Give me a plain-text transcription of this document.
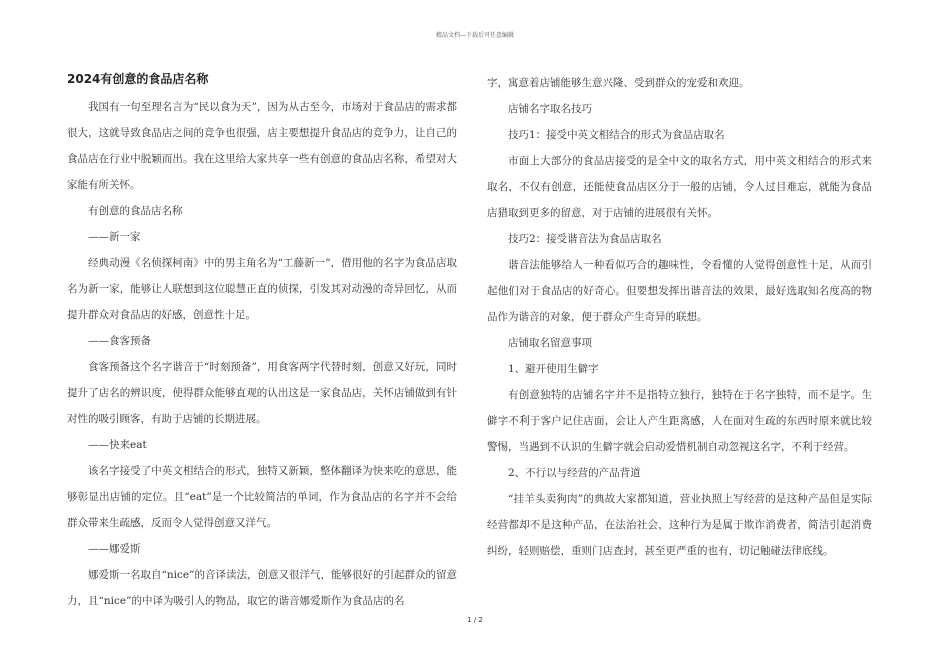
精品文档---下载后可任意编辑
2024有创意的食品店名称

我国有一句至理名言为“民以食为天”，因为从古至今，市场对于食品店的需求都很大，这就导致食品店之间的竞争也很强，店主要想提升食品店的竞争力，让自己的食品店在行业中脱颖而出。我在这里给大家共享一些有创意的食品店名称，希望对大家能有所关怀。

有创意的食品店名称

——新一家

经典动漫《名侦探柯南》中的男主角名为“工藤新一”，借用他的名字为食品店取名为新一家，能够让人联想到这位聪慧正直的侦探，引发其对动漫的奇异回忆，从而提升群众对食品店的好感，创意性十足。

——食客预备

食客预备这个名字谐音于“时刻预备”，用食客两字代替时刻，创意又好玩，同时提升了店名的辨识度，使得群众能够直观的认出这是一家食品店，关怀店铺做到有针对性的吸引顾客，有助于店铺的长期进展。

——快来eat

该名字接受了中英文相结合的形式，独特又新颖，整体翻译为快来吃的意思，能够彰显出店铺的定位。且“eat”是一个比较简洁的单词，作为食品店的名字并不会给群众带来生疏感，反而令人觉得创意又洋气。

——娜爱斯

娜爱斯一名取自“nice”的音译读法，创意又很洋气，能够很好的引起群众的留意力，且“nice”的中译为吸引人的物品，取它的谐音娜爱斯作为食品店的名

字，寓意着店铺能够生意兴隆、受到群众的宠爱和欢迎。

店铺名字取名技巧

技巧1：接受中英文相结合的形式为食品店取名

市面上大部分的食品店接受的是全中文的取名方式，用中英文相结合的形式来取名，不仅有创意，还能使食品店区分于一般的店铺，令人过目难忘，就能为食品店猎取到更多的留意，对于店铺的进展很有关怀。

技巧2：接受谐音法为食品店取名

谐音法能够给人一种看似巧合的趣味性，令看懂的人觉得创意性十足，从而引起他们对于食品店的好奇心。但要想发挥出谐音法的效果，最好选取知名度高的物品作为谐音的对象，便于群众产生奇异的联想。

店铺取名留意事项

1、避开使用生僻字

有创意独特的店铺名字并不是指特立独行，独特在于名字独特，而不是字。生僻字不利于客户记住店面，会让人产生距离感，人在面对生疏的东西时原来就比较警惕，当遇到不认识的生僻字就会启动爱惜机制自动忽视这名字，不利于经营。

2、不行以与经营的产品背道

“挂羊头卖狗肉”的典故大家都知道，营业执照上写经营的是这种产品但是实际经营都却不是这种产品，在法治社会，这种行为是属于欺诈消费者，简洁引起消费纠纷，轻则赔偿，重则门店查封，甚至更严重的也有，切记触碰法律底线。

1 / 2
